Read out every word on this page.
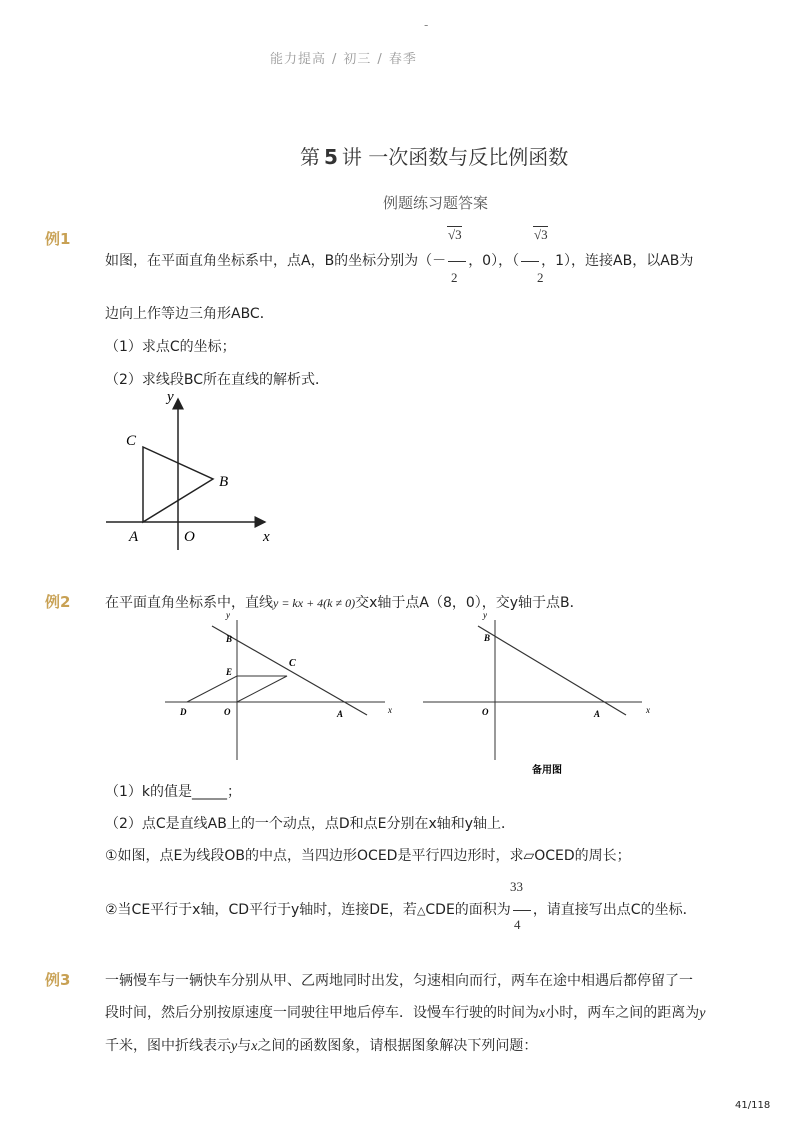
-
能力提高 / 初三 / 春季
第 5 讲 一次函数与反比例函数
例题练习题答案
例1	√3
2
√3
2
如图，在平面直角坐标系中，点A，B的坐标分别为（－ ，0），（ ，1），连接AB，以AB为
边向上作等边三角形ABC．
（1）求点C的坐标；
（2）求线段BC所在直线的解析式．
y
x
O
A
B
C
例2 在平面直角坐标系中，直线y = kx + 4(k ≠ 0)交x轴于点A（8，0），交y轴于点B．
y
x
B
C
E
D	O	A
y
x
B
O	A
备用图
（1）k的值是_____；
（2）点C是直线AB上的一个动点，点D和点E分别在x轴和y轴上．
①如图，点E为线段OB的中点，当四边形OCED是平行四边形时，求▱OCED的周长；
33
4
②当CE平行于x轴，CD平行于y轴时，连接DE，若△CDE的面积为 ，请直接写出点C的坐标．
例3 一辆慢车与一辆快车分别从甲、乙两地同时出发，匀速相向而行，两车在途中相遇后都停留了一
段时间，然后分别按原速度一同驶往甲地后停车．设慢车行驶的时间为x小时，两车之间的距离为y
千米，图中折线表示y与x之间的函数图象，请根据图象解决下列问题：
41/118
